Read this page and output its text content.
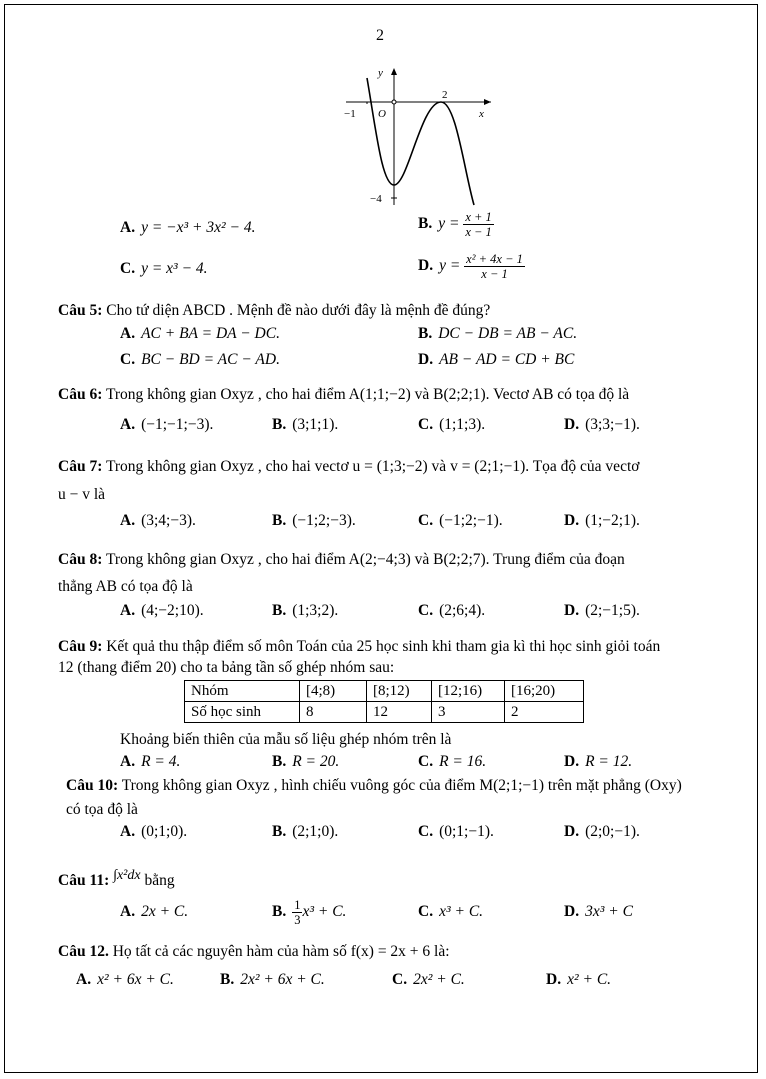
2
y
x
O
−1
2
−4
A. y = −x³ + 3x² − 4.	B. $y = \frac{x + 1}{x - 1}$
C. y = x³ − 4.	D. $y = \frac{\text{x² + 4x − 1}}{x - 1}$
Câu 5: Cho tứ diện ABCD . Mệnh đề nào dưới đây là mệnh đề đúng?
A. AC + BA = DA − DC.	B. DC − DB = AB − AC.
C. BC − BD = AC − AD.	D. AB − AD = CD + BC
Câu 6: Trong không gian Oxyz , cho hai điểm A(1;1;−2) và B(2;2;1). Vectơ AB có tọa độ là
A. (−1;−1;−3).	B. (3;1;1).	C. (1;1;3).	D. (3;3;−1).
Câu 7: Trong không gian Oxyz , cho hai vectơ u = (1;3;−2) và v = (2;1;−1). Tọa độ của vectơ
u − v là
A. (3;4;−3).	B. (−1;2;−3).	C. (−1;2;−1).	D. (1;−2;1).
Câu 8: Trong không gian Oxyz , cho hai điểm A(2;−4;3) và B(2;2;7). Trung điểm của đoạn
thẳng AB có tọa độ là
A. (4;−2;10).	B. (1;3;2).	C. (2;6;4).	D. (2;−1;5).
Câu 9: Kết quả thu thập điểm số môn Toán của 25 học sinh khi tham gia kì thi học sinh giỏi toán
12 (thang điểm 20) cho ta bảng tần số ghép nhóm sau:
Nhóm	[4;8)	[8;12)	[12;16)	[16;20)
Số học sinh	8	12	3	2
Khoảng biến thiên của mẫu số liệu ghép nhóm trên là
A. R = 4.	B. R = 20.	C. R = 16.	D. R = 12.
Câu 10: Trong không gian Oxyz , hình chiếu vuông góc của điểm M(2;1;−1) trên mặt phẳng (Oxy)
có tọa độ là
A. (0;1;0).	B. (2;1;0).	C. (0;1;−1).	D. (2;0;−1).
Câu 11: ∫x²dx bằng
A. 2x + C.	B. $\frac{1}{3} x^3 + C$.	C. x³ + C.	D. 3x³ + C
Câu 12. Họ tất cả các nguyên hàm của hàm số f(x) = 2x + 6 là:
A. x² + 6x + C.	B. 2x² + 6x + C.	C. 2x² + C.	D. x² + C.
